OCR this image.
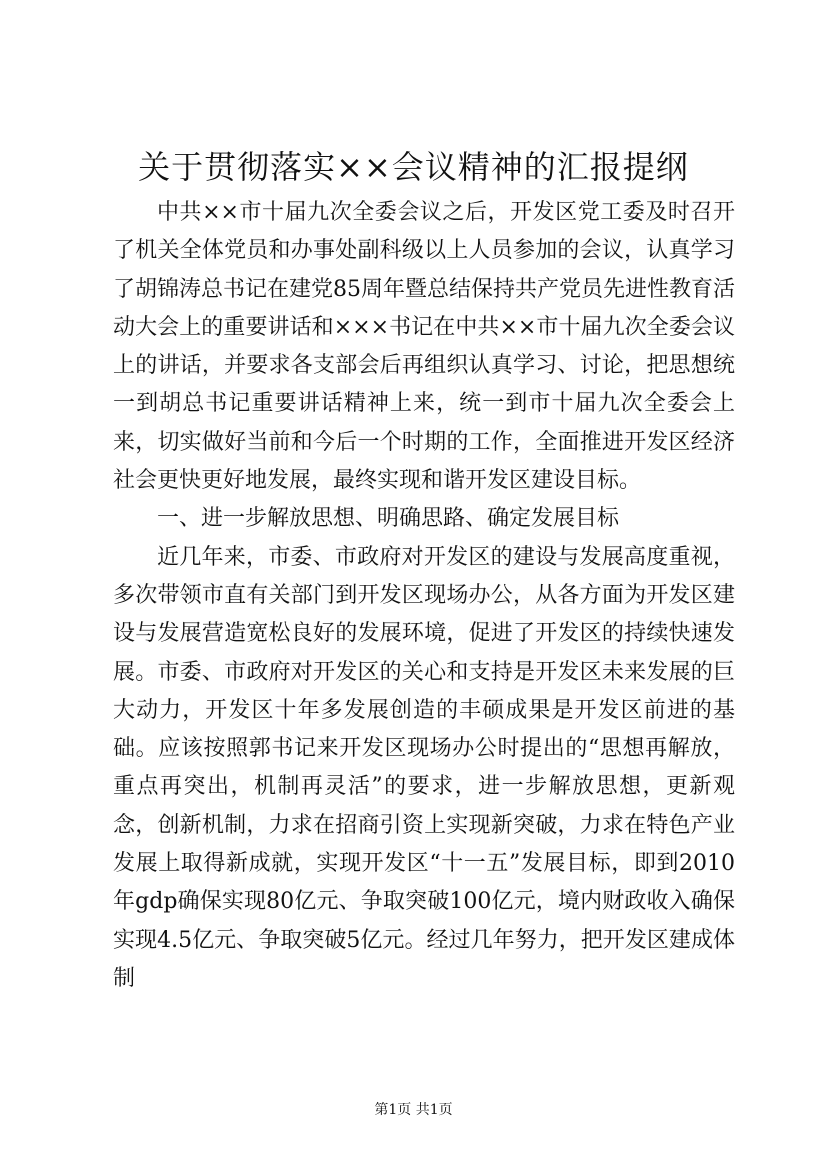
关于贯彻落实××会议精神的汇报提纲

中共××市十届九次全委会议之后，开发区党工委及时召开了机关全体党员和办事处副科级以上人员参加的会议，认真学习了胡锦涛总书记在建党85周年暨总结保持共产党员先进性教育活动大会上的重要讲话和×××书记在中共××市十届九次全委会议上的讲话，并要求各支部会后再组织认真学习、讨论，把思想统一到胡总书记重要讲话精神上来，统一到市十届九次全委会上来，切实做好当前和今后一个时期的工作，全面推进开发区经济社会更快更好地发展，最终实现和谐开发区建设目标。

一、进一步解放思想、明确思路、确定发展目标

近几年来，市委、市政府对开发区的建设与发展高度重视，多次带领市直有关部门到开发区现场办公，从各方面为开发区建设与发展营造宽松良好的发展环境，促进了开发区的持续快速发展。市委、市政府对开发区的关心和支持是开发区未来发展的巨大动力，开发区十年多发展创造的丰硕成果是开发区前进的基础。应该按照郭书记来开发区现场办公时提出的“思想再解放，重点再突出，机制再灵活”的要求，进一步解放思想，更新观念，创新机制，力求在招商引资上实现新突破，力求在特色产业发展上取得新成就，实现开发区“十一五”发展目标，即到2010年gdp确保实现80亿元、争取突破100亿元，境内财政收入确保实现4.5亿元、争取突破5亿元。经过几年努力，把开发区建成体制

第1页 共1页
